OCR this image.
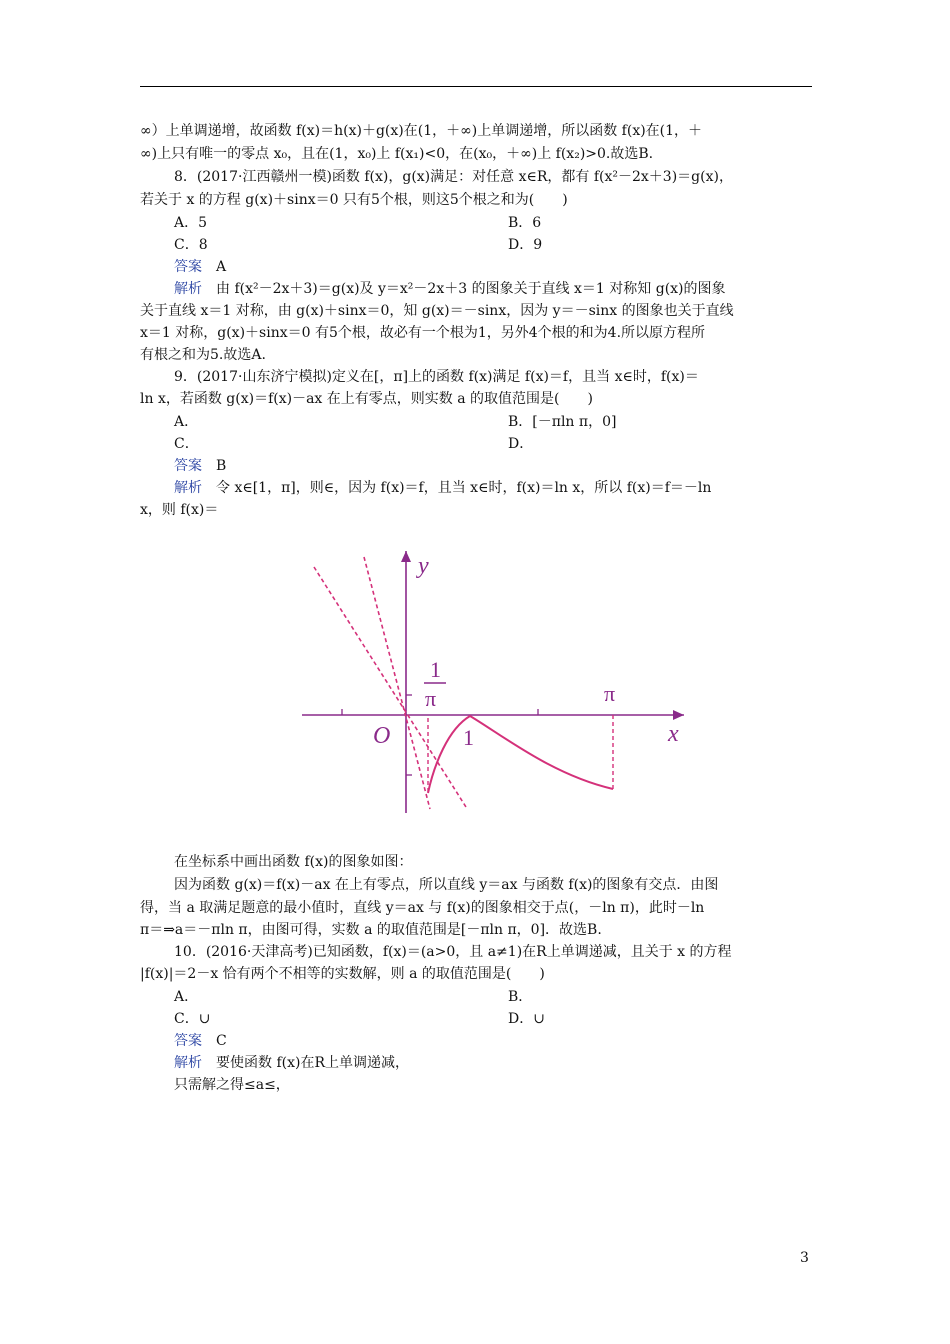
∞）上单调递增，故函数 f(x)＝h(x)＋g(x)在(1，＋∞)上单调递增，所以函数 f(x)在(1，＋
∞)上只有唯一的零点 x₀，且在(1，x₀)上 f(x₁)<0，在(x₀，＋∞)上 f(x₂)>0.故选B.
8．(2017·江西赣州一模)函数 f(x)，g(x)满足：对任意 x∈R，都有 f(x²－2x＋3)＝g(x)，
若关于 x 的方程 g(x)＋sinx＝0 只有5个根，则这5个根之和为(　　)
A．5	B．6
C．8	D．9
答案　 A
解析　 由 f(x²－2x＋3)＝g(x)及 y＝x²－2x＋3 的图象关于直线 x＝1 对称知 g(x)的图象
关于直线 x＝1 对称，由 g(x)＋sinx＝0，知 g(x)＝－sinx，因为 y＝－sinx 的图象也关于直线
x＝1 对称，g(x)＋sinx＝0 有5个根，故必有一个根为1，另外4个根的和为4.所以原方程所
有根之和为5.故选A.
9．(2017·山东济宁模拟)定义在[，π]上的函数 f(x)满足 f(x)＝f，且当 x∈时，f(x)＝
ln x，若函数 g(x)＝f(x)－ax 在上有零点，则实数 a 的取值范围是(　　)
A．	B．[－πln π，0]
C．	D．
答案　 B
解析　 令 x∈[1，π]，则∈，因为 f(x)＝f，且当 x∈时，f(x)＝ln x，所以 f(x)＝f＝－ln
x，则 f(x)＝
y
x
O	1
π
1
π
在坐标系中画出函数 f(x)的图象如图：
因为函数 g(x)＝f(x)－ax 在上有零点，所以直线 y＝ax 与函数 f(x)的图象有交点．由图
得，当 a 取满足题意的最小值时，直线 y＝ax 与 f(x)的图象相交于点(，－ln π)，此时－ln
π＝⇒a＝－πln π，由图可得，实数 a 的取值范围是[－πln π，0]．故选B.
10．(2016·天津高考)已知函数，f(x)＝(a>0，且 a≠1)在R上单调递减，且关于 x 的方程
|f(x)|＝2－x 恰有两个不相等的实数解，则 a 的取值范围是(　　)
A．	B．
C．∪	D．∪
答案　 C
解析　 要使函数 f(x)在R上单调递减，
只需解之得≤a≤，
3
